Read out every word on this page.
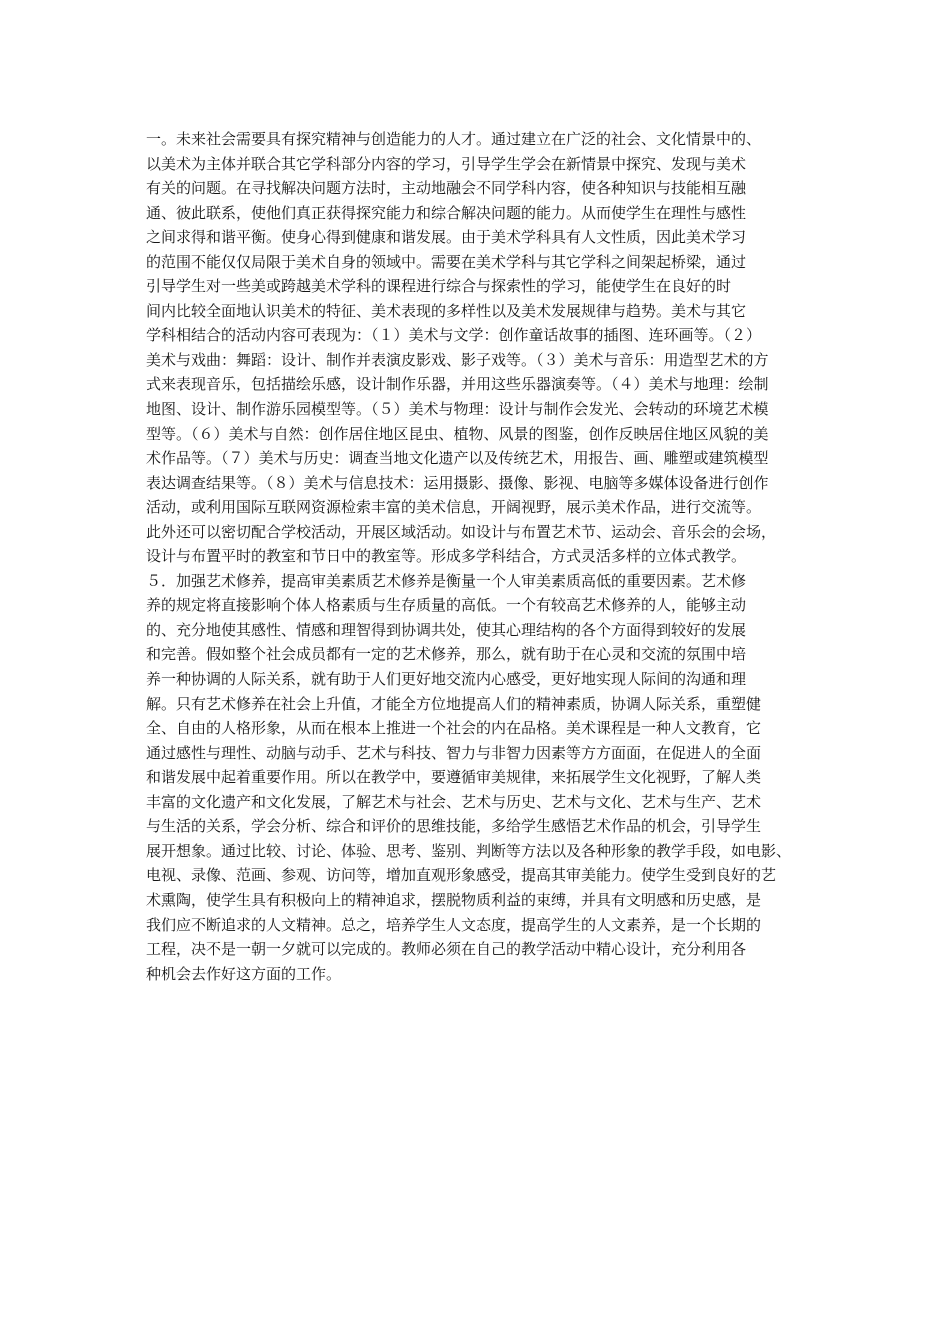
一。未来社会需要具有探究精神与创造能力的人才。通过建立在广泛的社会、文化情景中的、
以美术为主体并联合其它学科部分内容的学习，引导学生学会在新情景中探究、发现与美术
有关的问题。在寻找解决问题方法时，主动地融会不同学科内容，使各种知识与技能相互融
通、彼此联系，使他们真正获得探究能力和综合解决问题的能力。从而使学生在理性与感性
之间求得和谐平衡。使身心得到健康和谐发展。由于美术学科具有人文性质，因此美术学习
的范围不能仅仅局限于美术自身的领域中。需要在美术学科与其它学科之间架起桥梁，通过
引导学生对一些美或跨越美术学科的课程进行综合与探索性的学习，能使学生在良好的时
间内比较全面地认识美术的特征、美术表现的多样性以及美术发展规律与趋势。美术与其它
学科相结合的活动内容可表现为：（１）美术与文学：创作童话故事的插图、连环画等。（２）
美术与戏曲：舞蹈：设计、制作并表演皮影戏、影子戏等。（３）美术与音乐：用造型艺术的方
式来表现音乐，包括描绘乐感，设计制作乐器，并用这些乐器演奏等。（４）美术与地理：绘制
地图、设计、制作游乐园模型等。（５）美术与物理：设计与制作会发光、会转动的环境艺术模
型等。（６）美术与自然：创作居住地区昆虫、植物、风景的图鉴，创作反映居住地区风貌的美
术作品等。（７）美术与历史：调查当地文化遗产以及传统艺术，用报告、画、雕塑或建筑模型
表达调查结果等。（８）美术与信息技术：运用摄影、摄像、影视、电脑等多媒体设备进行创作
活动，或利用国际互联网资源检索丰富的美术信息，开阔视野，展示美术作品，进行交流等。
此外还可以密切配合学校活动，开展区域活动。如设计与布置艺术节、运动会、音乐会的会场，
设计与布置平时的教室和节日中的教室等。形成多学科结合，方式灵活多样的立体式教学。
５．加强艺术修养，提高审美素质艺术修养是衡量一个人审美素质高低的重要因素。艺术修
养的规定将直接影响个体人格素质与生存质量的高低。一个有较高艺术修养的人，能够主动
的、充分地使其感性、情感和理智得到协调共处，使其心理结构的各个方面得到较好的发展
和完善。假如整个社会成员都有一定的艺术修养，那么，就有助于在心灵和交流的氛围中培
养一种协调的人际关系，就有助于人们更好地交流内心感受，更好地实现人际间的沟通和理
解。只有艺术修养在社会上升值，才能全方位地提高人们的精神素质，协调人际关系，重塑健
全、自由的人格形象，从而在根本上推进一个社会的内在品格。美术课程是一种人文教育，它
通过感性与理性、动脑与动手、艺术与科技、智力与非智力因素等方方面面，在促进人的全面
和谐发展中起着重要作用。所以在教学中，要遵循审美规律，来拓展学生文化视野，了解人类
丰富的文化遗产和文化发展，了解艺术与社会、艺术与历史、艺术与文化、艺术与生产、艺术
与生活的关系，学会分析、综合和评价的思维技能，多给学生感悟艺术作品的机会，引导学生
展开想象。通过比较、讨论、体验、思考、鉴别、判断等方法以及各种形象的教学手段，如电影、
电视、录像、范画、参观、访问等，增加直观形象感受，提高其审美能力。使学生受到良好的艺
术熏陶，使学生具有积极向上的精神追求，摆脱物质利益的束缚，并具有文明感和历史感，是
我们应不断追求的人文精神。总之，培养学生人文态度，提高学生的人文素养，是一个长期的
工程，决不是一朝一夕就可以完成的。教师必须在自己的教学活动中精心设计，充分利用各
种机会去作好这方面的工作。
